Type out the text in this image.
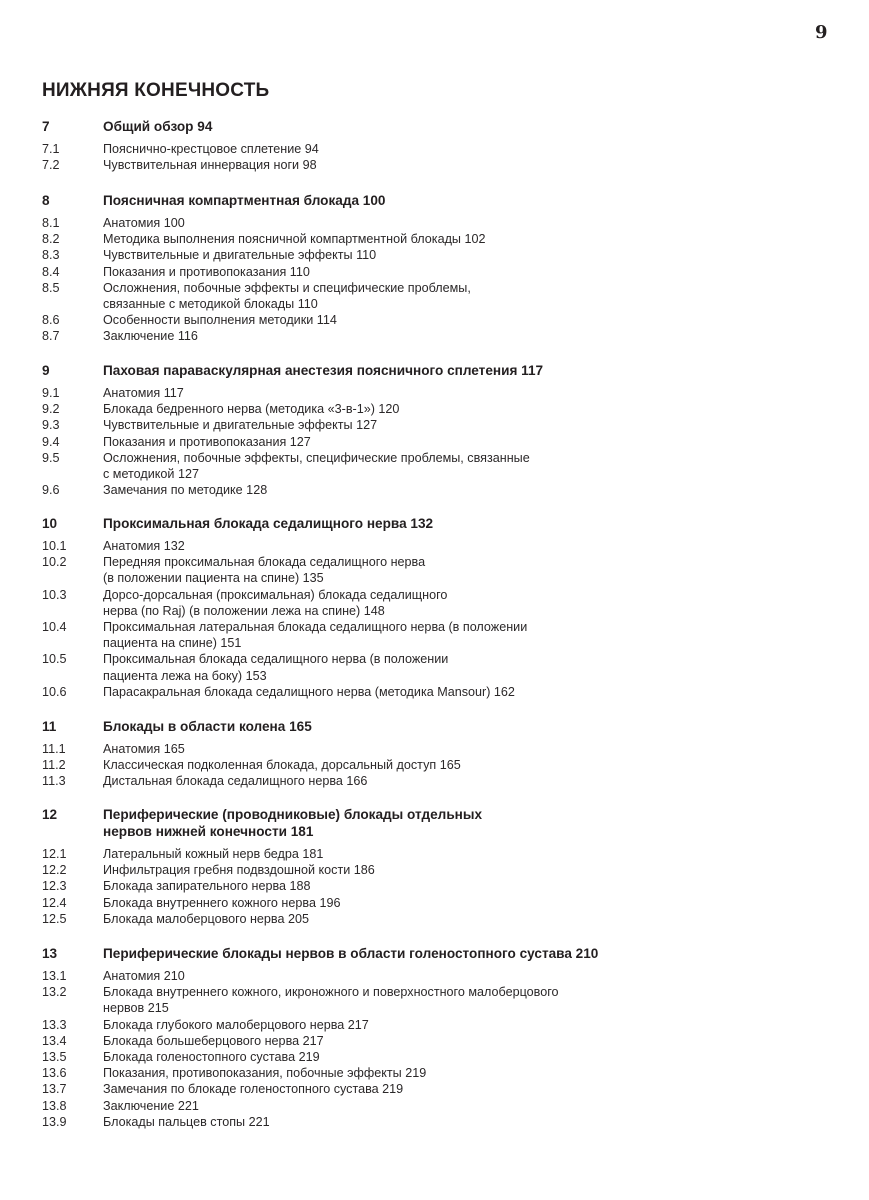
9
НИЖНЯЯ КОНЕЧНОСТЬ
7	Общий обзор 94
7.1	Пояснично-крестцовое сплетение 94
7.2	Чувствительная иннервация ноги 98
8	Поясничная компартментная блокада 100
8.1	Анатомия 100
8.2	Методика выполнения поясничной компартментной блокады 102
8.3	Чувствительные и двигательные эффекты 110
8.4	Показания и противопоказания 110
8.5	Осложнения, побочные эффекты и специфические проблемы, связанные с методикой блокады 110
8.6	Особенности выполнения методики 114
8.7	Заключение 116
9	Паховая паравaскулярная анестезия поясничного сплетения 117
9.1	Анатомия 117
9.2	Блокада бедренного нерва (методика «3-в-1») 120
9.3	Чувствительные и двигательные эффекты 127
9.4	Показания и противопоказания 127
9.5	Осложнения, побочные эффекты, специфические проблемы, связанные с методикой 127
9.6	Замечания по методике 128
10	Проксимальная блокада седалищного нерва 132
10.1	Анатомия 132
10.2	Передняя проксимальная блокада седалищного нерва (в положении пациента на спине) 135
10.3	Дорсо-дорсальная (проксимальная) блокада седалищного нерва (по Raj) (в положении лежа на спине) 148
10.4	Проксимальная латеральная блокада седалищного нерва (в положении пациента на спине) 151
10.5	Проксимальная блокада седалищного нерва (в положении пациента лежа на боку) 153
10.6	Парасакральная блокада седалищного нерва (методика Mansour) 162
11	Блокады в области колена 165
11.1	Анатомия 165
11.2	Классическая подколенная блокада, дорсальный доступ 165
11.3	Дистальная блокада седалищного нерва 166
12	Периферические (проводниковые) блокады отдельных нервов нижней конечности 181
12.1	Латеральный кожный нерв бедра 181
12.2	Инфильтрация гребня подвздошной кости 186
12.3	Блокада запирательного нерва 188
12.4	Блокада внутреннего кожного нерва 196
12.5	Блокада малоберцового нерва 205
13	Периферические блокады нервов в области голеностопного сустава 210
13.1	Анатомия 210
13.2	Блокада внутреннего кожного, икроножного и поверхностного малоберцового нервов 215
13.3	Блокада глубокого малоберцового нерва 217
13.4	Блокада большеберцового нерва 217
13.5	Блокада голеностопного сустава 219
13.6	Показания, противопоказания, побочные эффекты 219
13.7	Замечания по блокаде голеностопного сустава 219
13.8	Заключение 221
13.9	Блокады пальцев стопы 221
